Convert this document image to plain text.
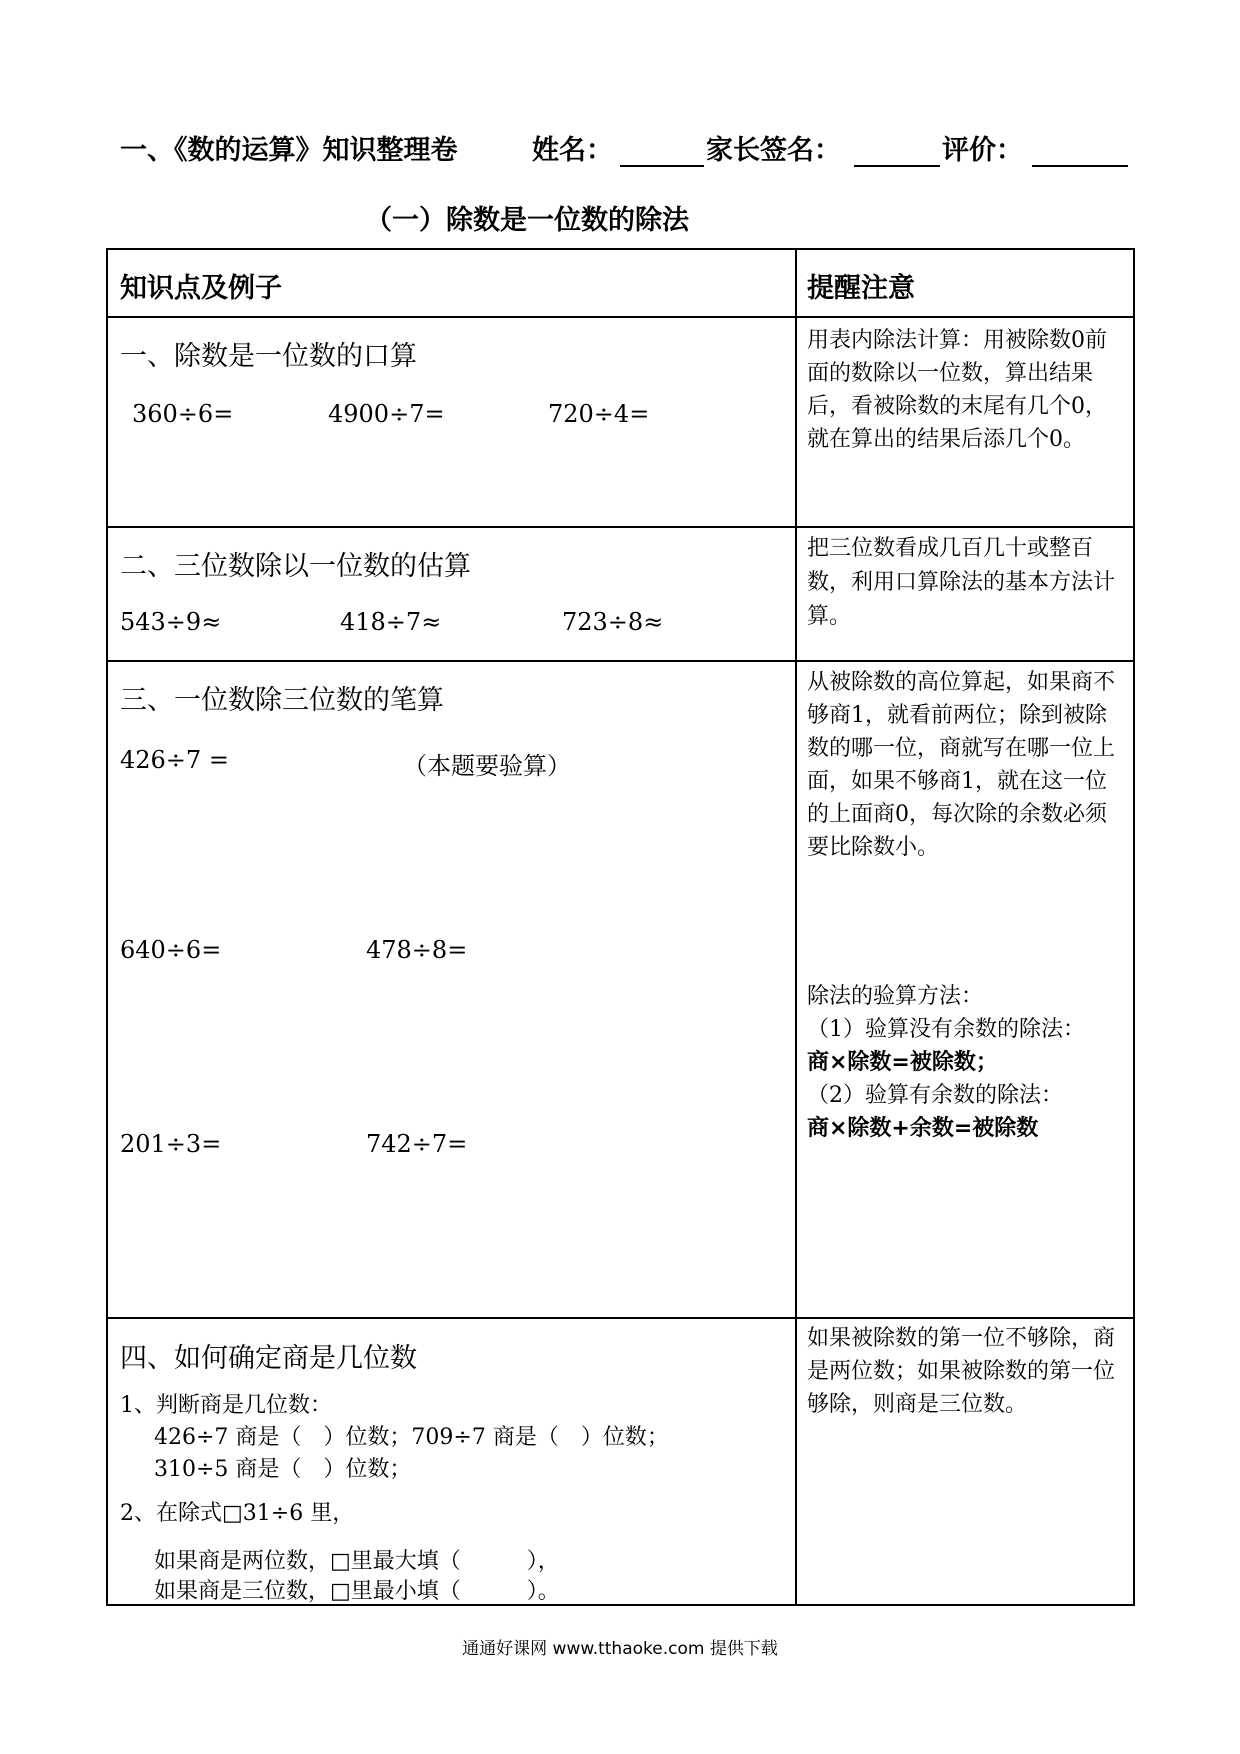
一、《数的运算》知识整理卷	姓名：	家长签名：	评价：
（一）除数是一位数的除法
知识点及例子	提醒注意
一、除数是一位数的口算
360÷6=	4900÷7=	720÷4=
用表内除法计算：用被除数0前面的数除以一位数，算出结果后，看被除数的末尾有几个0，就在算出的结果后添几个0。
二、三位数除以一位数的估算
543÷9≈	418÷7≈	723÷8≈
把三位数看成几百几十或整百数，利用口算除法的基本方法计算。
三、一位数除三位数的笔算
426÷7 =	（本题要验算）
640÷6=	478÷8=
201÷3=	742÷7=
从被除数的高位算起，如果商不够商1，就看前两位；除到被除数的哪一位，商就写在哪一位上面，如果不够商1，就在这一位的上面商0，每次除的余数必须要比除数小。
除法的验算方法：
（1）验算没有余数的除法：
商×除数=被除数；
（2）验算有余数的除法：
商×除数+余数=被除数
四、如何确定商是几位数
1、判断商是几位数：
426÷7 商是（　）位数；709÷7 商是（　）位数；
310÷5 商是（　）位数；
2、在除式□31÷6 里，
如果商是两位数，□里最大填（　　　），
如果商是三位数，□里最小填（　　　）。
如果被除数的第一位不够除，商是两位数；如果被除数的第一位够除，则商是三位数。
通通好课网 www.tthaoke.com 提供下载
